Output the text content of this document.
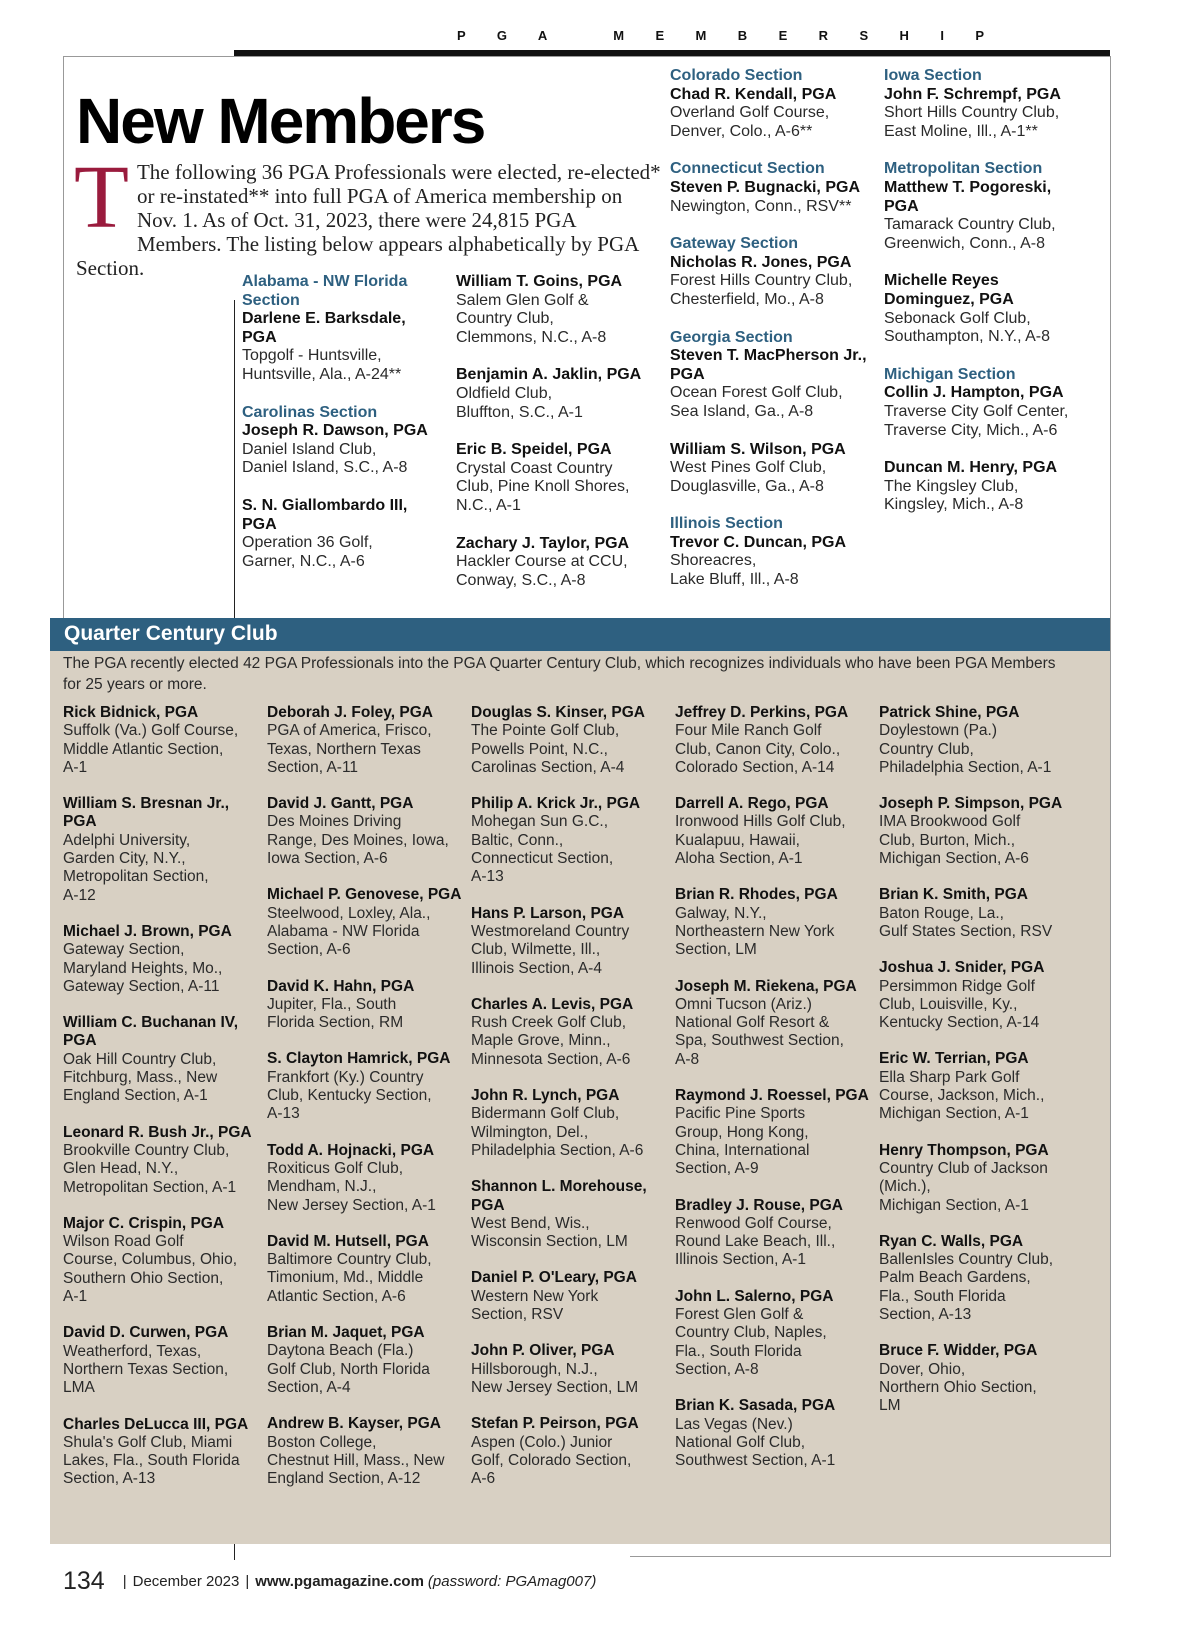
P G A   M E M B E R S H I P
New Members
T The following 36 PGA Professionals were elected, re-elected* or re-instated** into full PGA of America membership on Nov. 1. As of Oct. 31, 2023, there were 24,815 PGA Members. The listing below appears alphabetically by PGA Section.
Alabama - NW Florida Section
Darlene E. Barksdale, PGA
Topgolf - Huntsville,
Huntsville, Ala., A-24**
Carolinas Section
Joseph R. Dawson, PGA
Daniel Island Club,
Daniel Island, S.C., A-8
S. N. Giallombardo III, PGA
Operation 36 Golf,
Garner, N.C., A-6
William T. Goins, PGA
Salem Glen Golf &
Country Club,
Clemmons, N.C., A-8
Benjamin A. Jaklin, PGA
Oldfield Club,
Bluffton, S.C., A-1
Eric B. Speidel, PGA
Crystal Coast Country
Club, Pine Knoll Shores,
N.C., A-1
Zachary J. Taylor, PGA
Hackler Course at CCU,
Conway, S.C., A-8
Colorado Section
Chad R. Kendall, PGA
Overland Golf Course,
Denver, Colo., A-6**
Connecticut Section
Steven P. Bugnacki, PGA
Newington, Conn., RSV**
Gateway Section
Nicholas R. Jones, PGA
Forest Hills Country Club,
Chesterfield, Mo., A-8
Georgia Section
Steven T. MacPherson Jr., PGA
Ocean Forest Golf Club,
Sea Island, Ga., A-8
William S. Wilson, PGA
West Pines Golf Club,
Douglasville, Ga., A-8
Illinois Section
Trevor C. Duncan, PGA
Shoreacres,
Lake Bluff, Ill., A-8
Iowa Section
John F. Schrempf, PGA
Short Hills Country Club,
East Moline, Ill., A-1**
Metropolitan Section
Matthew T. Pogoreski, PGA
Tamarack Country Club,
Greenwich, Conn., A-8
Michelle Reyes Dominguez, PGA
Sebonack Golf Club,
Southampton, N.Y., A-8
Michigan Section
Collin J. Hampton, PGA
Traverse City Golf Center,
Traverse City, Mich., A-6
Duncan M. Henry, PGA
The Kingsley Club,
Kingsley, Mich., A-8
Quarter Century Club
The PGA recently elected 42 PGA Professionals into the PGA Quarter Century Club, which recognizes individuals who have been PGA Members for 25 years or more.
Rick Bidnick, PGA
Suffolk (Va.) Golf Course,
Middle Atlantic Section,
A-1
William S. Bresnan Jr., PGA
Adelphi University,
Garden City, N.Y.,
Metropolitan Section,
A-12
Michael J. Brown, PGA
Gateway Section,
Maryland Heights, Mo.,
Gateway Section, A-11
William C. Buchanan IV, PGA
Oak Hill Country Club,
Fitchburg, Mass., New
England Section, A-1
Leonard R. Bush Jr., PGA
Brookville Country Club,
Glen Head, N.Y.,
Metropolitan Section, A-1
Major C. Crispin, PGA
Wilson Road Golf
Course, Columbus, Ohio,
Southern Ohio Section,
A-1
David D. Curwen, PGA
Weatherford, Texas,
Northern Texas Section,
LMA
Charles DeLucca III, PGA
Shula's Golf Club, Miami
Lakes, Fla., South Florida
Section, A-13
Deborah J. Foley, PGA
PGA of America, Frisco,
Texas, Northern Texas
Section, A-11
David J. Gantt, PGA
Des Moines Driving
Range, Des Moines, Iowa,
Iowa Section, A-6
Michael P. Genovese, PGA
Steelwood, Loxley, Ala.,
Alabama - NW Florida
Section, A-6
David K. Hahn, PGA
Jupiter, Fla., South
Florida Section, RM
S. Clayton Hamrick, PGA
Frankfort (Ky.) Country
Club, Kentucky Section,
A-13
Todd A. Hojnacki, PGA
Roxiticus Golf Club,
Mendham, N.J.,
New Jersey Section, A-1
David M. Hutsell, PGA
Baltimore Country Club,
Timonium, Md., Middle
Atlantic Section, A-6
Brian M. Jaquet, PGA
Daytona Beach (Fla.)
Golf Club, North Florida
Section, A-4
Andrew B. Kayser, PGA
Boston College,
Chestnut Hill, Mass., New
England Section, A-12
Douglas S. Kinser, PGA
The Pointe Golf Club,
Powells Point, N.C.,
Carolinas Section, A-4
Philip A. Krick Jr., PGA
Mohegan Sun G.C.,
Baltic, Conn.,
Connecticut Section,
A-13
Hans P. Larson, PGA
Westmoreland Country
Club, Wilmette, Ill.,
Illinois Section, A-4
Charles A. Levis, PGA
Rush Creek Golf Club,
Maple Grove, Minn.,
Minnesota Section, A-6
John R. Lynch, PGA
Bidermann Golf Club,
Wilmington, Del.,
Philadelphia Section, A-6
Shannon L. Morehouse, PGA
West Bend, Wis.,
Wisconsin Section, LM
Daniel P. O'Leary, PGA
Western New York
Section, RSV
John P. Oliver, PGA
Hillsborough, N.J.,
New Jersey Section, LM
Stefan P. Peirson, PGA
Aspen (Colo.) Junior
Golf, Colorado Section,
A-6
Jeffrey D. Perkins, PGA
Four Mile Ranch Golf
Club, Canon City, Colo.,
Colorado Section, A-14
Darrell A. Rego, PGA
Ironwood Hills Golf Club,
Kualapuu, Hawaii,
Aloha Section, A-1
Brian R. Rhodes, PGA
Galway, N.Y.,
Northeastern New York
Section, LM
Joseph M. Riekena, PGA
Omni Tucson (Ariz.)
National Golf Resort &
Spa, Southwest Section,
A-8
Raymond J. Roessel, PGA
Pacific Pine Sports
Group, Hong Kong,
China, International
Section, A-9
Bradley J. Rouse, PGA
Renwood Golf Course,
Round Lake Beach, Ill.,
Illinois Section, A-1
John L. Salerno, PGA
Forest Glen Golf &
Country Club, Naples,
Fla., South Florida
Section, A-8
Brian K. Sasada, PGA
Las Vegas (Nev.)
National Golf Club,
Southwest Section, A-1
Patrick Shine, PGA
Doylestown (Pa.)
Country Club,
Philadelphia Section, A-1
Joseph P. Simpson, PGA
IMA Brookwood Golf
Club, Burton, Mich.,
Michigan Section, A-6
Brian K. Smith, PGA
Baton Rouge, La.,
Gulf States Section, RSV
Joshua J. Snider, PGA
Persimmon Ridge Golf
Club, Louisville, Ky.,
Kentucky Section, A-14
Eric W. Terrian, PGA
Ella Sharp Park Golf
Course, Jackson, Mich.,
Michigan Section, A-1
Henry Thompson, PGA
Country Club of Jackson
(Mich.),
Michigan Section, A-1
Ryan C. Walls, PGA
BallenIsles Country Club,
Palm Beach Gardens,
Fla., South Florida
Section, A-13
Bruce F. Widder, PGA
Dover, Ohio,
Northern Ohio Section,
LM
134 | December 2023 | www.pgamagazine.com (password: PGAmag007)
